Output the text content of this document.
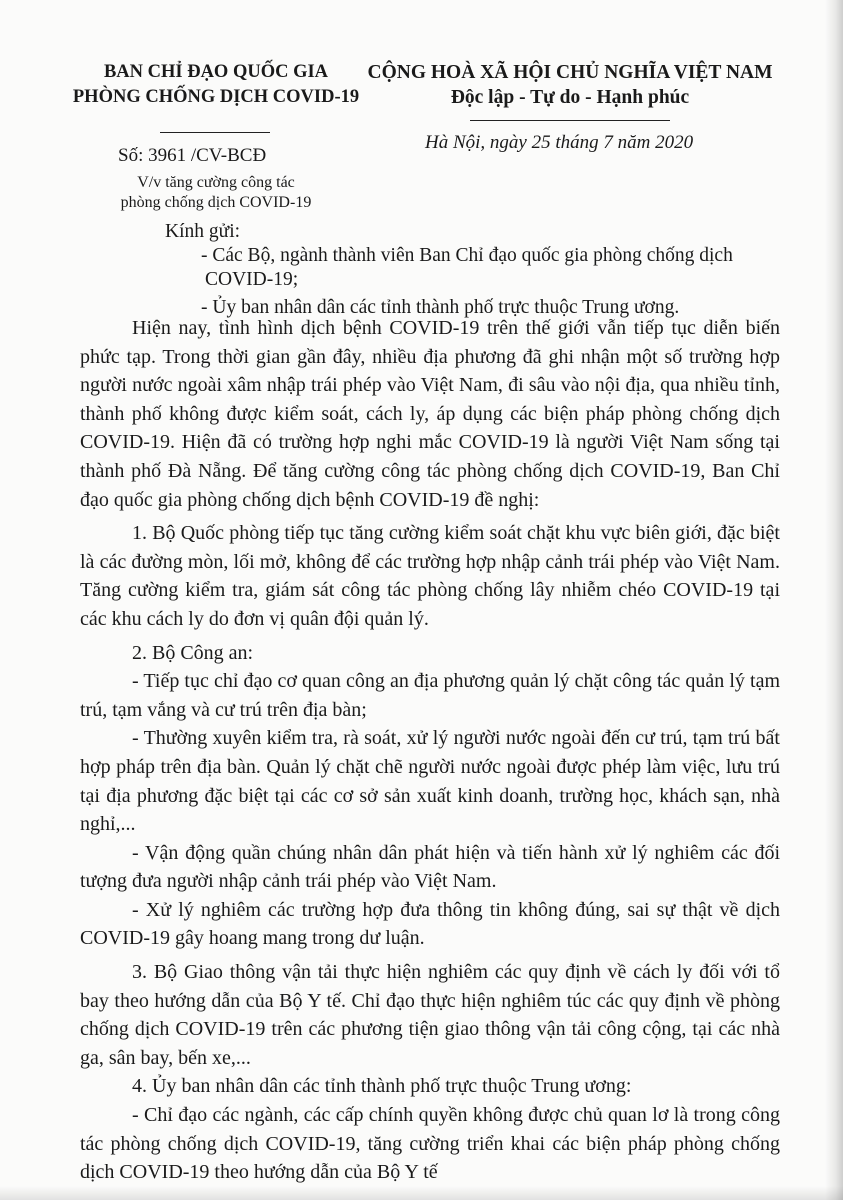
BAN CHỈ ĐẠO QUỐC GIA
PHÒNG CHỐNG DỊCH COVID-19
CỘNG HOÀ XÃ HỘI CHỦ NGHĨA VIỆT NAM
Độc lập - Tự do - Hạnh phúc
Số: 3961 /CV-BCĐ
Hà Nội, ngày 25 tháng 7 năm 2020
V/v tăng cường công tác
phòng chống dịch COVID-19
Kính gửi:
- Các Bộ, ngành thành viên Ban Chỉ đạo quốc gia phòng chống dịch
COVID-19;
- Ủy ban nhân dân các tỉnh thành phố trực thuộc Trung ương.

Hiện nay, tình hình dịch bệnh COVID-19 trên thế giới vẫn tiếp tục diễn biến phức tạp. Trong thời gian gần đây, nhiều địa phương đã ghi nhận một số trường hợp người nước ngoài xâm nhập trái phép vào Việt Nam, đi sâu vào nội địa, qua nhiều tỉnh, thành phố không được kiểm soát, cách ly, áp dụng các biện pháp phòng chống dịch COVID-19. Hiện đã có trường hợp nghi mắc COVID-19 là người Việt Nam sống tại thành phố Đà Nẵng. Để tăng cường công tác phòng chống dịch COVID-19, Ban Chỉ đạo quốc gia phòng chống dịch bệnh COVID-19 đề nghị:

1. Bộ Quốc phòng tiếp tục tăng cường kiểm soát chặt khu vực biên giới, đặc biệt là các đường mòn, lối mở, không để các trường hợp nhập cảnh trái phép vào Việt Nam. Tăng cường kiểm tra, giám sát công tác phòng chống lây nhiễm chéo COVID-19 tại các khu cách ly do đơn vị quân đội quản lý.

2. Bộ Công an:

- Tiếp tục chỉ đạo cơ quan công an địa phương quản lý chặt công tác quản lý tạm trú, tạm vắng và cư trú trên địa bàn;

- Thường xuyên kiểm tra, rà soát, xử lý người nước ngoài đến cư trú, tạm trú bất hợp pháp trên địa bàn. Quản lý chặt chẽ người nước ngoài được phép làm việc, lưu trú tại địa phương đặc biệt tại các cơ sở sản xuất kinh doanh, trường học, khách sạn, nhà nghỉ,...

- Vận động quần chúng nhân dân phát hiện và tiến hành xử lý nghiêm các đối tượng đưa người nhập cảnh trái phép vào Việt Nam.

- Xử lý nghiêm các trường hợp đưa thông tin không đúng, sai sự thật về dịch COVID-19 gây hoang mang trong dư luận.

3. Bộ Giao thông vận tải thực hiện nghiêm các quy định về cách ly đối với tổ bay theo hướng dẫn của Bộ Y tế. Chỉ đạo thực hiện nghiêm túc các quy định về phòng chống dịch COVID-19 trên các phương tiện giao thông vận tải công cộng, tại các nhà ga, sân bay, bến xe,...

4. Ủy ban nhân dân các tỉnh thành phố trực thuộc Trung ương:

- Chỉ đạo các ngành, các cấp chính quyền không được chủ quan lơ là trong công tác phòng chống dịch COVID-19, tăng cường triển khai các biện pháp phòng chống dịch COVID-19 theo hướng dẫn của Bộ Y tế
